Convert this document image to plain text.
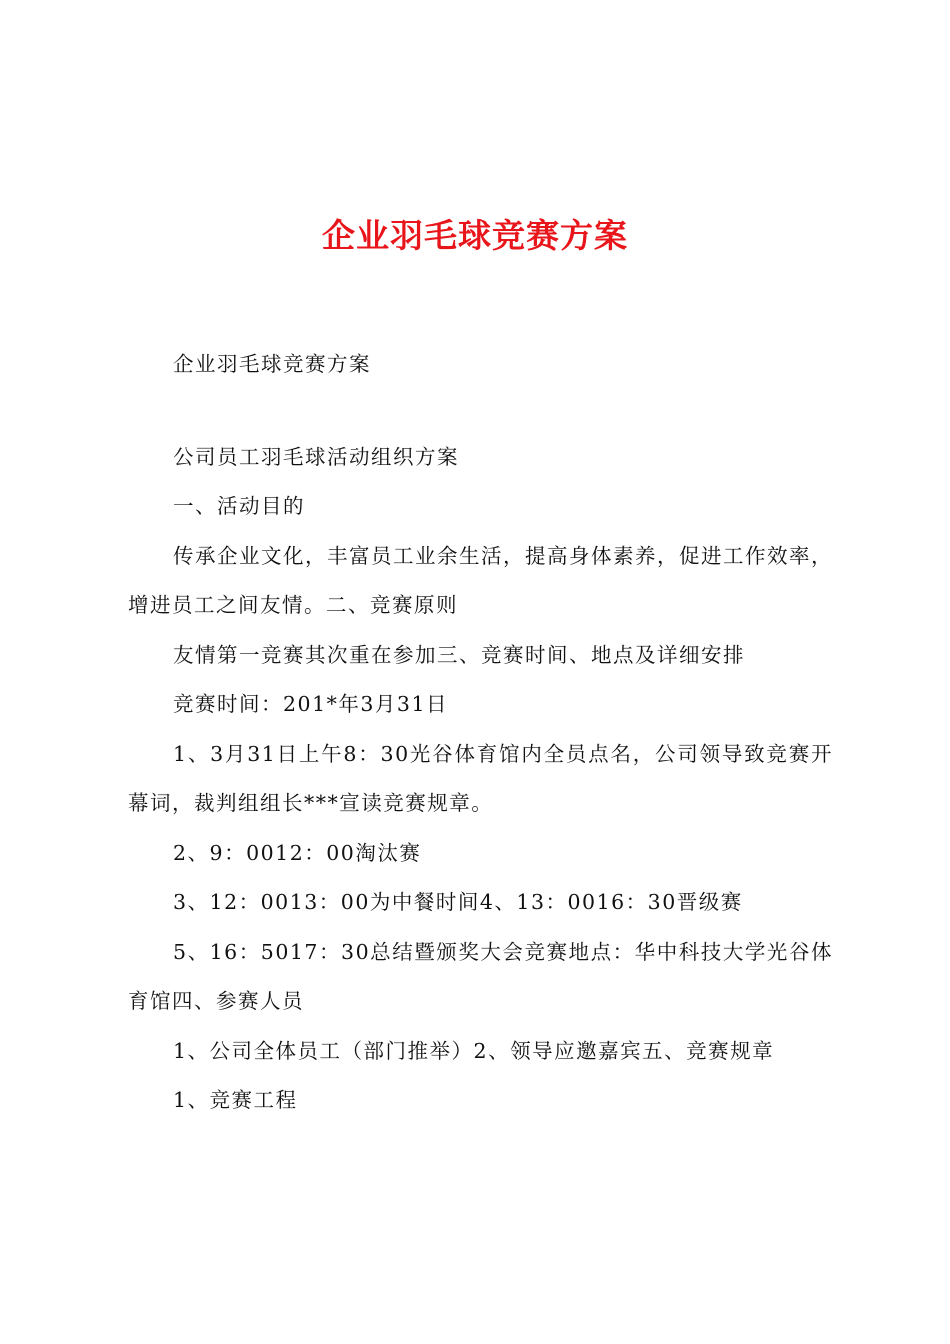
企业羽毛球竞赛方案

企业羽毛球竞赛方案

公司员工羽毛球活动组织方案

一、活动目的

传承企业文化，丰富员工业余生活，提高身体素养，促进工作效率，增进员工之间友情。二、竞赛原则

友情第一竞赛其次重在参加三、竞赛时间、地点及详细安排

竞赛时间：201*年3月31日

1、3月31日上午8：30光谷体育馆内全员点名，公司领导致竞赛开幕词，裁判组组长***宣读竞赛规章。

2、9：0012：00淘汰赛

3、12：0013：00为中餐时间4、13：0016：30晋级赛

5、16：5017：30总结暨颁奖大会竞赛地点：华中科技大学光谷体育馆四、参赛人员

1、公司全体员工（部门推举）2、领导应邀嘉宾五、竞赛规章

1、竞赛工程
